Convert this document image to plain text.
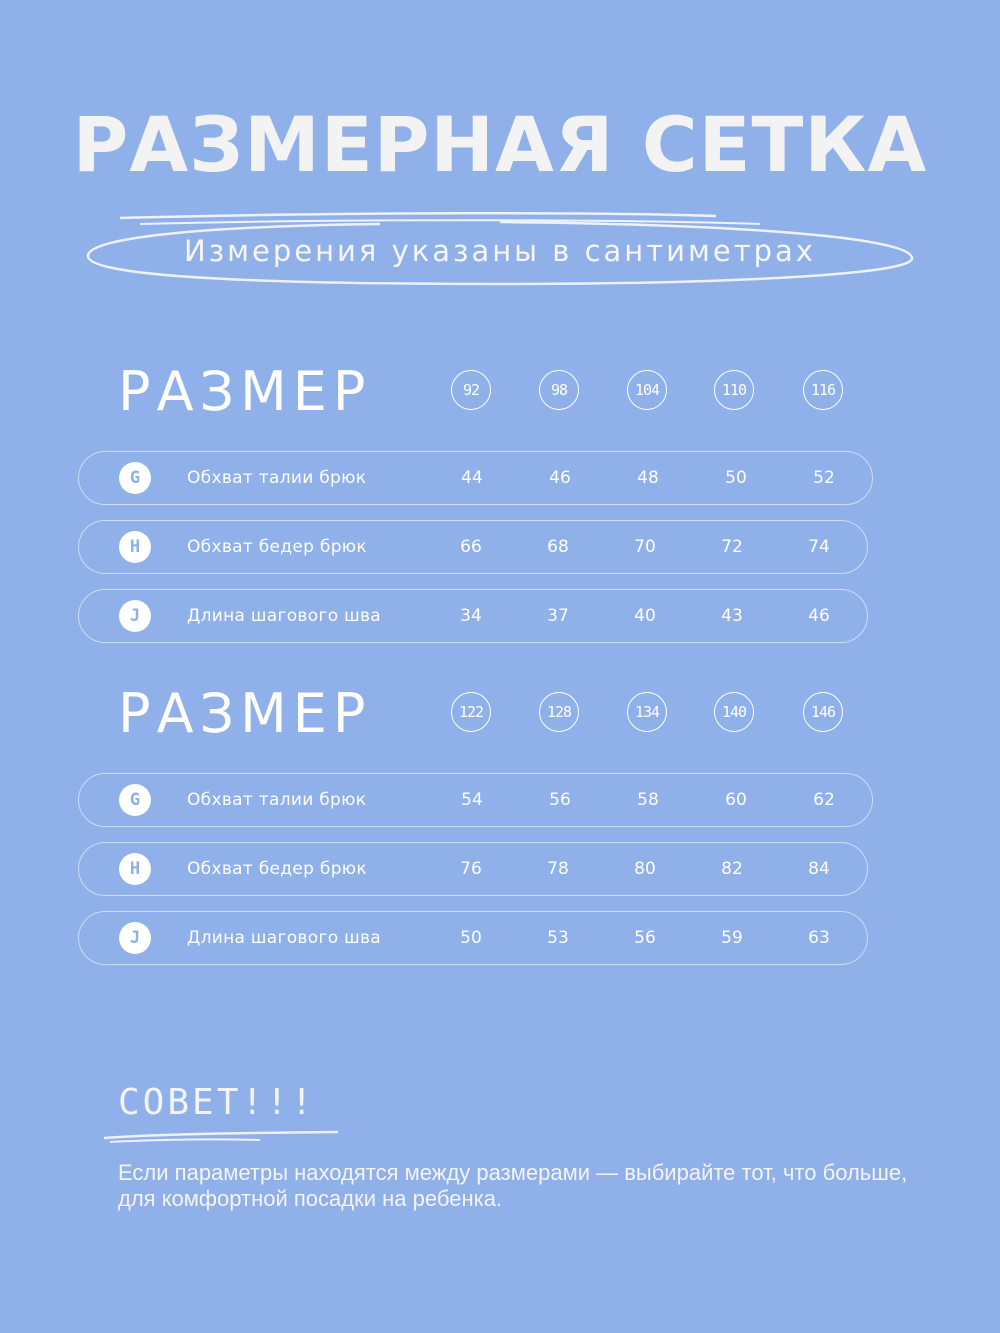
РАЗМЕРНАЯ СЕТКА
Измерения указаны в сантиметрах
РАЗМЕР	92	98	104	110	116
G	Обхват талии брюк	44	46	48	50	52
H	Обхват бедер брюк	66	68	70	72	74
J	Длина шагового шва	34	37	40	43	46
РАЗМЕР	122	128	134	140	146
G	Обхват талии брюк	54	56	58	60	62
H	Обхват бедер брюк	76	78	80	82	84
J	Длина шагового шва	50	53	56	59	63
COBET!!!
Если параметры находятся между размерами — выбирайте тот, что больше, для комфортной посадки на ребенка.
